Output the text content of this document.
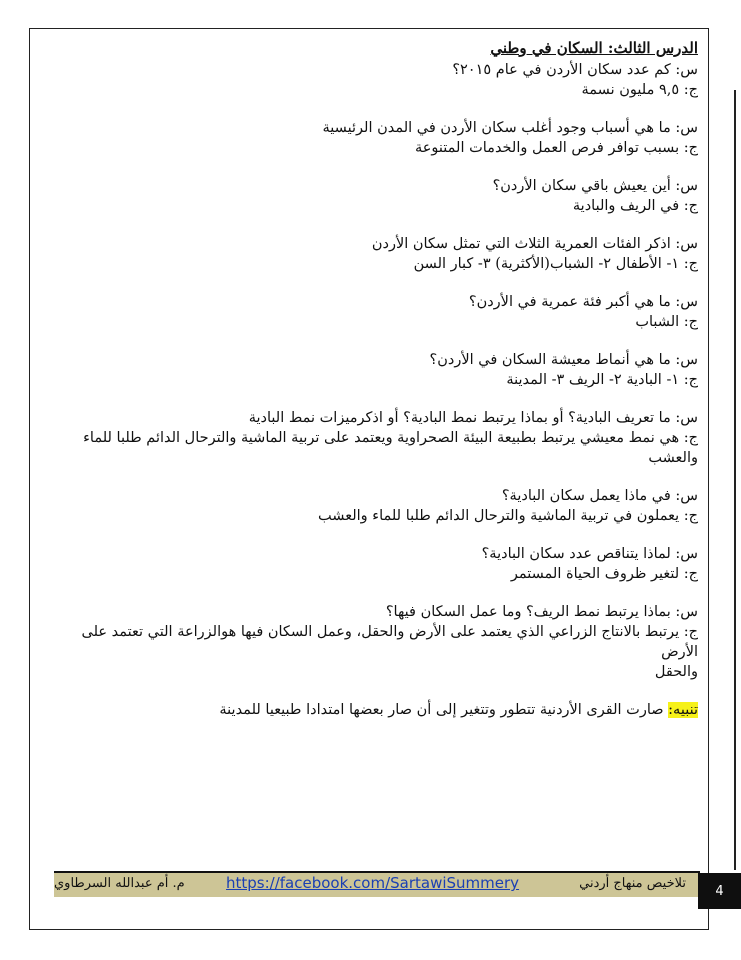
الدرس الثالث: السكان في وطني

س: كم عدد سكان الأردن في عام ٢٠١٥؟

ج: ٩,٥ مليون نسمة

س: ما هي أسباب وجود أغلب سكان الأردن في المدن الرئيسية

ج: بسبب توافر فرص العمل والخدمات المتنوعة

س: أين يعيش باقي سكان الأردن؟

ج: في الريف والبادية

س: اذكر الفئات العمرية الثلاث التي تمثل سكان الأردن

ج: ١- الأطفال ٢- الشباب(الأكثرية) ٣- كبار السن

س: ما هي أكبر فئة عمرية في الأردن؟

ج: الشباب

س: ما هي أنماط معيشة السكان في الأردن؟

ج: ١- البادية ٢- الريف ٣- المدينة

س: ما تعريف البادية؟ أو بماذا يرتبط نمط البادية؟ أو اذكرميزات نمط البادية

ج: هي نمط معيشي يرتبط بطبيعة البيئة الصحراوية ويعتمد على تربية الماشية والترحال الدائم طلبا للماء والعشب

س: في ماذا يعمل سكان البادية؟

ج: يعملون في تربية الماشية والترحال الدائم طلبا للماء والعشب

س: لماذا يتناقص عدد سكان البادية؟

ج: لتغير ظروف الحياة المستمر

س: بماذا يرتبط نمط الريف؟ وما عمل السكان فيها؟

ج: يرتبط بالانتاج الزراعي الذي يعتمد على الأرض والحقل، وعمل السكان فيها هوالزراعة التي تعتمد على الأرض

والحقل

تنبيه: صارت القرى الأردنية تتطور وتتغير إلى أن صار بعضها امتدادا طبيعيا للمدينة

م. أم عبدالله السرطاوي	https://facebook.com/SartawiSummery	تلاخيص منهاج أردني	4
